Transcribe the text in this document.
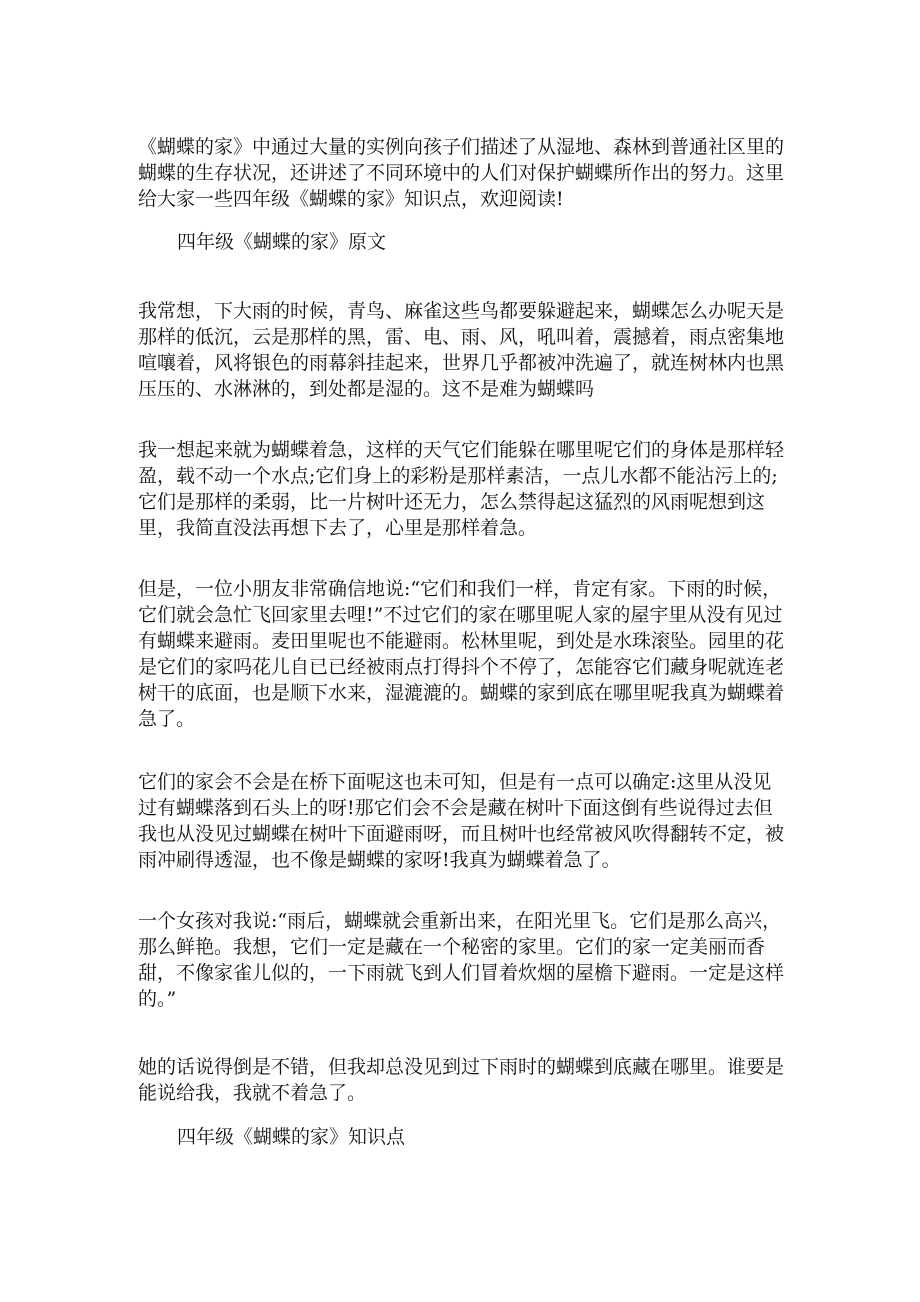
《蝴蝶的家》中通过大量的实例向孩子们描述了从湿地、森林到普通社区里的蝴蝶的生存状况，还讲述了不同环境中的人们对保护蝴蝶所作出的努力。这里给大家一些四年级《蝴蝶的家》知识点，欢迎阅读!

四年级《蝴蝶的家》原文

我常想，下大雨的时候，青鸟、麻雀这些鸟都要躲避起来，蝴蝶怎么办呢天是那样的低沉，云是那样的黑，雷、电、雨、风，吼叫着，震撼着，雨点密集地喧嚷着，风将银色的雨幕斜挂起来，世界几乎都被冲洗遍了，就连树林内也黑压压的、水淋淋的，到处都是湿的。这不是难为蝴蝶吗

我一想起来就为蝴蝶着急，这样的天气它们能躲在哪里呢它们的身体是那样轻盈，载不动一个水点;它们身上的彩粉是那样素洁，一点儿水都不能沾污上的;它们是那样的柔弱，比一片树叶还无力，怎么禁得起这猛烈的风雨呢想到这里，我简直没法再想下去了，心里是那样着急。

但是，一位小朋友非常确信地说:“它们和我们一样，肯定有家。下雨的时候，它们就会急忙飞回家里去哩!”不过它们的家在哪里呢人家的屋宇里从没有见过有蝴蝶来避雨。麦田里呢也不能避雨。松林里呢，到处是水珠滚坠。园里的花是它们的家吗花儿自已已经被雨点打得抖个不停了，怎能容它们藏身呢就连老树干的底面，也是顺下水来，湿漉漉的。蝴蝶的家到底在哪里呢我真为蝴蝶着急了。

它们的家会不会是在桥下面呢这也未可知，但是有一点可以确定:这里从没见过有蝴蝶落到石头上的呀!那它们会不会是藏在树叶下面这倒有些说得过去但我也从没见过蝴蝶在树叶下面避雨呀，而且树叶也经常被风吹得翻转不定，被雨冲刷得透湿，也不像是蝴蝶的家呀!我真为蝴蝶着急了。

一个女孩对我说:“雨后，蝴蝶就会重新出来，在阳光里飞。它们是那么高兴，那么鲜艳。我想，它们一定是藏在一个秘密的家里。它们的家一定美丽而香甜，不像家雀儿似的，一下雨就飞到人们冒着炊烟的屋檐下避雨。一定是这样的。”

她的话说得倒是不错，但我却总没见到过下雨时的蝴蝶到底藏在哪里。谁要是能说给我，我就不着急了。

四年级《蝴蝶的家》知识点
